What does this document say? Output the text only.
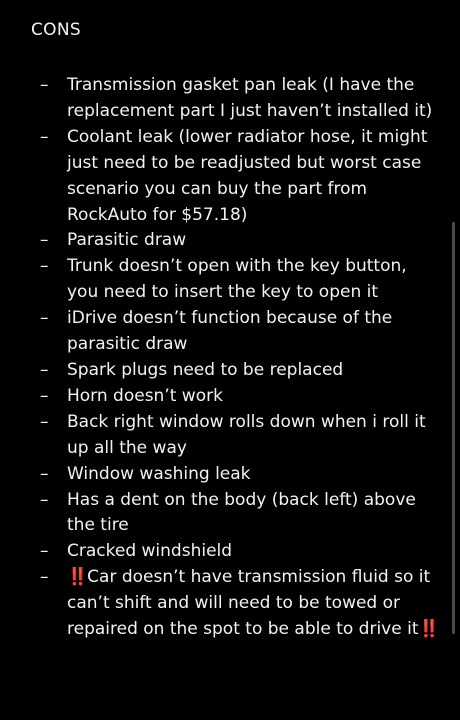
CONS
–	Transmission gasket pan leak (I have the replacement part I just haven’t installed it)
–	Coolant leak (lower radiator hose, it might just need to be readjusted but worst case scenario you can buy the part from RockAuto for $57.18)
–	Parasitic draw
–	Trunk doesn’t open with the key button, you need to insert the key to open it
–	iDrive doesn’t function because of the parasitic draw
–	Spark plugs need to be replaced
–	Horn doesn’t work
–	Back right window rolls down when i roll it up all the way
–	Window washing leak
–	Has a dent on the body (back left) above the tire
–	Cracked windshield
–	‼️Car doesn’t have transmission fluid so it can’t shift and will need to be towed or repaired on the spot to be able to drive it‼️
